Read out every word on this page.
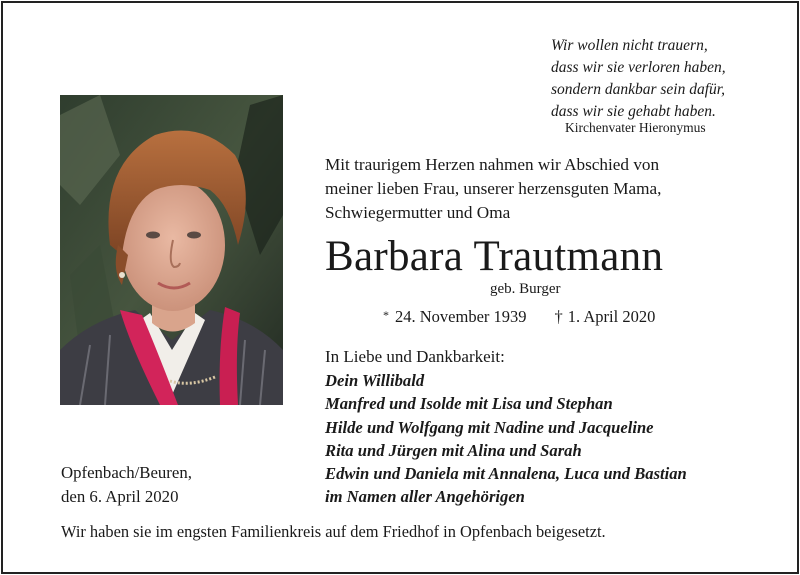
Wir wollen nicht trauern,
dass wir sie verloren haben,
sondern dankbar sein dafür,
dass wir sie gehabt haben.
Kirchenvater Hieronymus
Mit traurigem Herzen nahmen wir Abschied von
meiner lieben Frau, unserer herzensguten Mama,
Schwiegermutter und Oma
Barbara Trautmann
geb. Burger
* 24. November 1939 † 1. April 2020
In Liebe und Dankbarkeit:
Dein Willibald
Manfred und Isolde mit Lisa und Stephan
Hilde und Wolfgang mit Nadine und Jacqueline
Rita und Jürgen mit Alina und Sarah
Edwin und Daniela mit Annalena, Luca und Bastian
im Namen aller Angehörigen
Opfenbach/Beuren,
den 6. April 2020
Wir haben sie im engsten Familienkreis auf dem Friedhof in Opfenbach beigesetzt.
